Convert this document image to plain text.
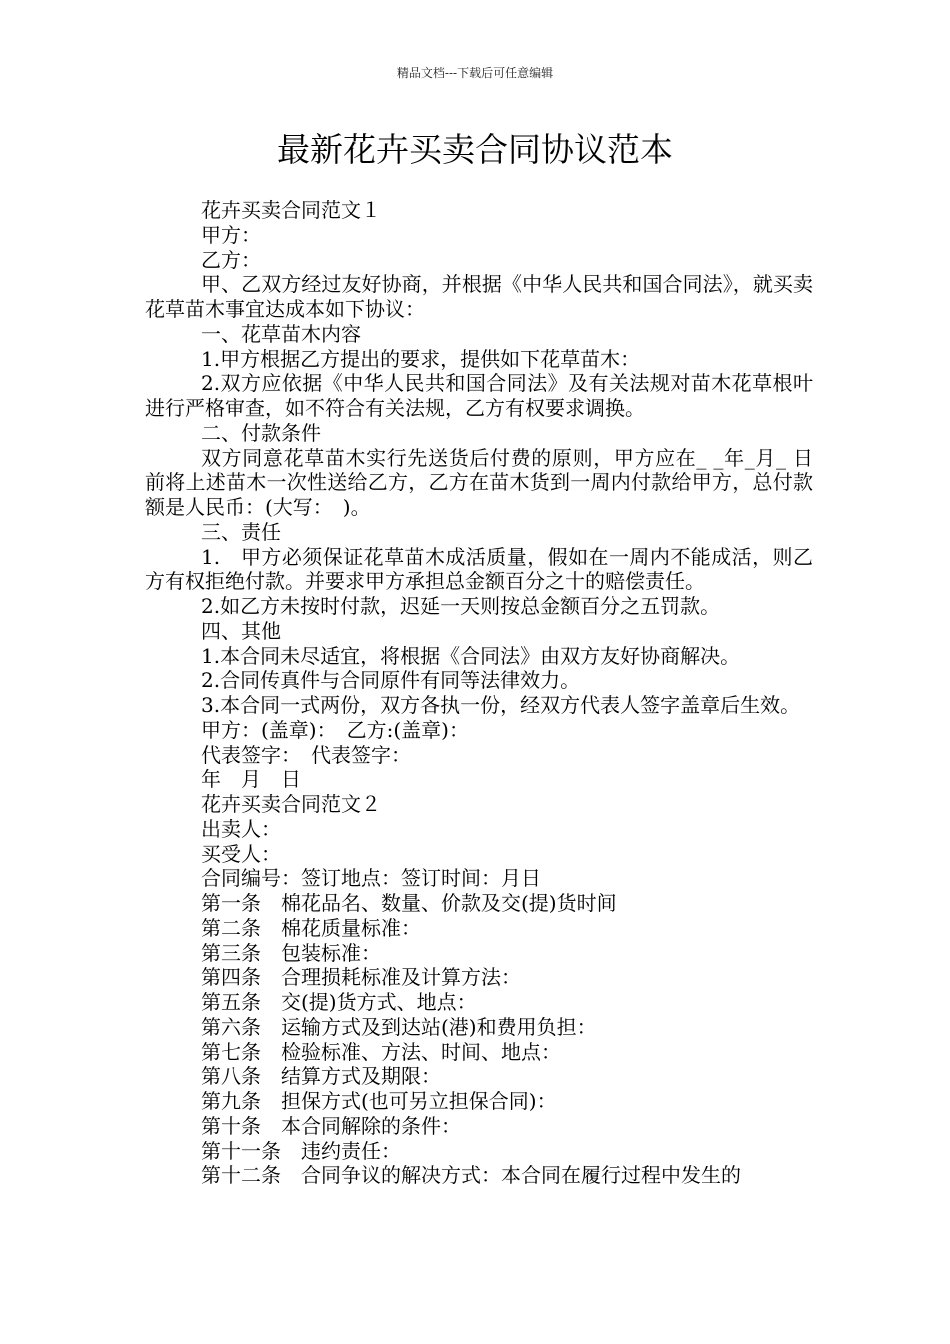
精品文档---下载后可任意编辑
最新花卉买卖合同协议范本

花卉买卖合同范文１

甲方：

乙方：

甲、乙双方经过友好协商，并根据《中华人民共和国合同法》，就买卖花草苗木事宜达成本如下协议：

一、花草苗木内容

1.甲方根据乙方提出的要求，提供如下花草苗木：

2.双方应依据《中华人民共和国合同法》及有关法规对苗木花草根叶进行严格审查，如不符合有关法规，乙方有权要求调换。

二、付款条件

双方同意花草苗木实行先送货后付费的原则，甲方应在_ _年_月_ 日前将上述苗木一次性送给乙方，乙方在苗木货到一周内付款给甲方，总付款额是人民币：(大写：　)。

三、责任

1.　甲方必须保证花草苗木成活质量，假如在一周内不能成活，则乙方有权拒绝付款。并要求甲方承担总金额百分之十的赔偿责任。

2.如乙方未按时付款，迟延一天则按总金额百分之五罚款。

四、其他

1.本合同未尽适宜，将根据《合同法》由双方友好协商解决。

2.合同传真件与合同原件有同等法律效力。

3.本合同一式两份，双方各执一份，经双方代表人签字盖章后生效。

甲方：(盖章)：　乙方:(盖章)：

代表签字：　代表签字：

年　月　日

花卉买卖合同范文２

出卖人：

买受人：

合同编号：签订地点：签订时间：月日

第一条　棉花品名、数量、价款及交(提)货时间

第二条　棉花质量标准：

第三条　包装标准：

第四条　合理损耗标准及计算方法：

第五条　交(提)货方式、地点：

第六条　运输方式及到达站(港)和费用负担：

第七条　检验标准、方法、时间、地点：

第八条　结算方式及期限：

第九条　担保方式(也可另立担保合同)：

第十条　本合同解除的条件：

第十一条　违约责任：

第十二条　合同争议的解决方式：本合同在履行过程中发生的
